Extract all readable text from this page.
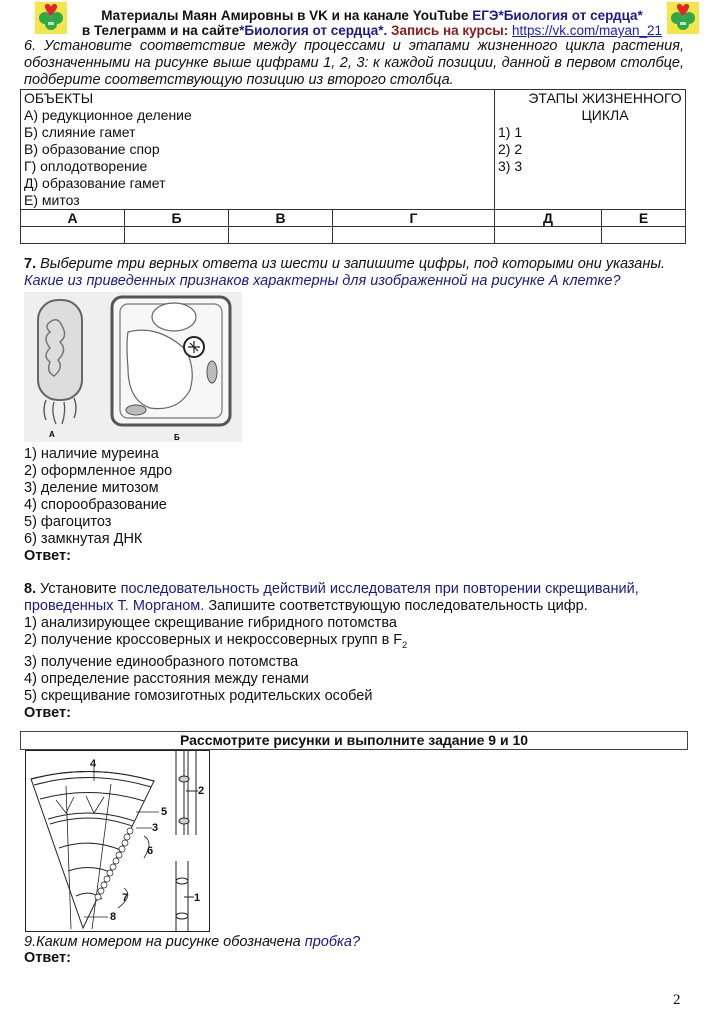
Материалы Маян Амировны в VK и на канале YouTube ЕГЭ*Биология от сердца*
в Телеграмм и на сайте*Биология от сердца*. Запись на курсы: https://vk.com/mayan_21
6. Установите соответствие между процессами и этапами жизненного цикла растения, обозначенными на рисунке выше цифрами 1, 2, 3: к каждой позиции, данной в первом столбце, подберите соответствующую позицию из второго столбца.
ОБЪЕКТЫ
А) редукционное деление
Б) слияние гамет
В) образование спор
Г) оплодотворение
Д) образование гамет
Е) митоз

ЭТАПЫ ЖИЗНЕННОГО ЦИКЛА
1) 1
2) 2
3) 3

А	Б	В	Г	Д	Е

7. Выберите три верных ответа из шести и запишите цифры, под которыми они указаны.
Какие из приведенных признаков характерны для изображенной на рисунке А клетке?
А	Б
1) наличие муреина
2) оформленное ядро
3) деление митозом
4) спорообразование
5) фагоцитоз
6) замкнутая ДНК
Ответ:
8. Установите последовательность действий исследователя при повторении скрещиваний, проведенных Т. Морганом. Запишите соответствующую последовательность цифр.
1) анализирующее скрещивание гибридного потомства
2) получение кроссоверных и некроссоверных групп в $F_2$
3) получение единообразного потомства
4) определение расстояния между генами
5) скрещивание гомозиготных родительских особей
Ответ:
Рассмотрите рисунки и выполните задание 9 и 10
4
5
3
6
7
8
2
1
9.Каким номером на рисунке обозначена пробка?
Ответ:
2
